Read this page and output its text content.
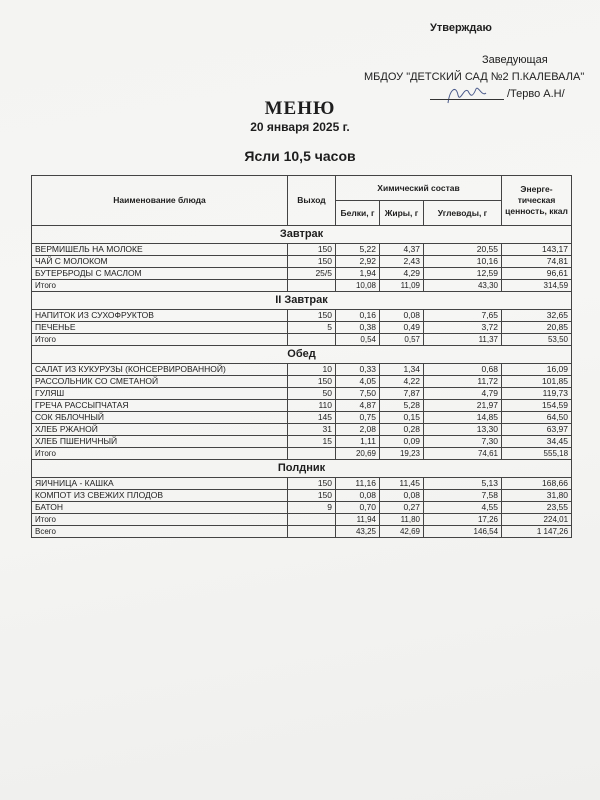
Утверждаю
Заведующая
МБДОУ "ДЕТСКИЙ САД №2 П.КАЛЕВАЛА"
/Терво А.Н/
МЕНЮ
20 января 2025 г.
Ясли 10,5 часов
Наименование блюда	Выход	Химический состав			Энерге-тическая ценность, ккал
		Белки, г	Жиры, г	Углеводы, г	
Завтрак					
ВЕРМИШЕЛЬ НА МОЛОКЕ	150	5,22	4,37	20,55	143,17
ЧАЙ С МОЛОКОМ	150	2,92	2,43	10,16	74,81
БУТЕРБРОДЫ С МАСЛОМ	25/5	1,94	4,29	12,59	96,61
Итого		10,08	11,09	43,30	314,59
II Завтрак					
НАПИТОК ИЗ СУХОФРУКТОВ	150	0,16	0,08	7,65	32,65
ПЕЧЕНЬЕ	5	0,38	0,49	3,72	20,85
Итого		0,54	0,57	11,37	53,50
Обед					
САЛАТ ИЗ КУКУРУЗЫ (КОНСЕРВИРОВАННОЙ)	10	0,33	1,34	0,68	16,09
РАССОЛЬНИК СО СМЕТАНОЙ	150	4,05	4,22	11,72	101,85
ГУЛЯШ	50	7,50	7,87	4,79	119,73
ГРЕЧА РАССЫПЧАТАЯ	110	4,87	5,28	21,97	154,59
СОК ЯБЛОЧНЫЙ	145	0,75	0,15	14,85	64,50
ХЛЕБ РЖАНОЙ	31	2,08	0,28	13,30	63,97
ХЛЕБ ПШЕНИЧНЫЙ	15	1,11	0,09	7,30	34,45
Итого		20,69	19,23	74,61	555,18
Полдник					
ЯИЧНИЦА - КАШКА	150	11,16	11,45	5,13	168,66
КОМПОТ ИЗ СВЕЖИХ ПЛОДОВ	150	0,08	0,08	7,58	31,80
БАТОН	9	0,70	0,27	4,55	23,55
Итого		11,94	11,80	17,26	224,01
Всего		43,25	42,69	146,54	1 147,26
